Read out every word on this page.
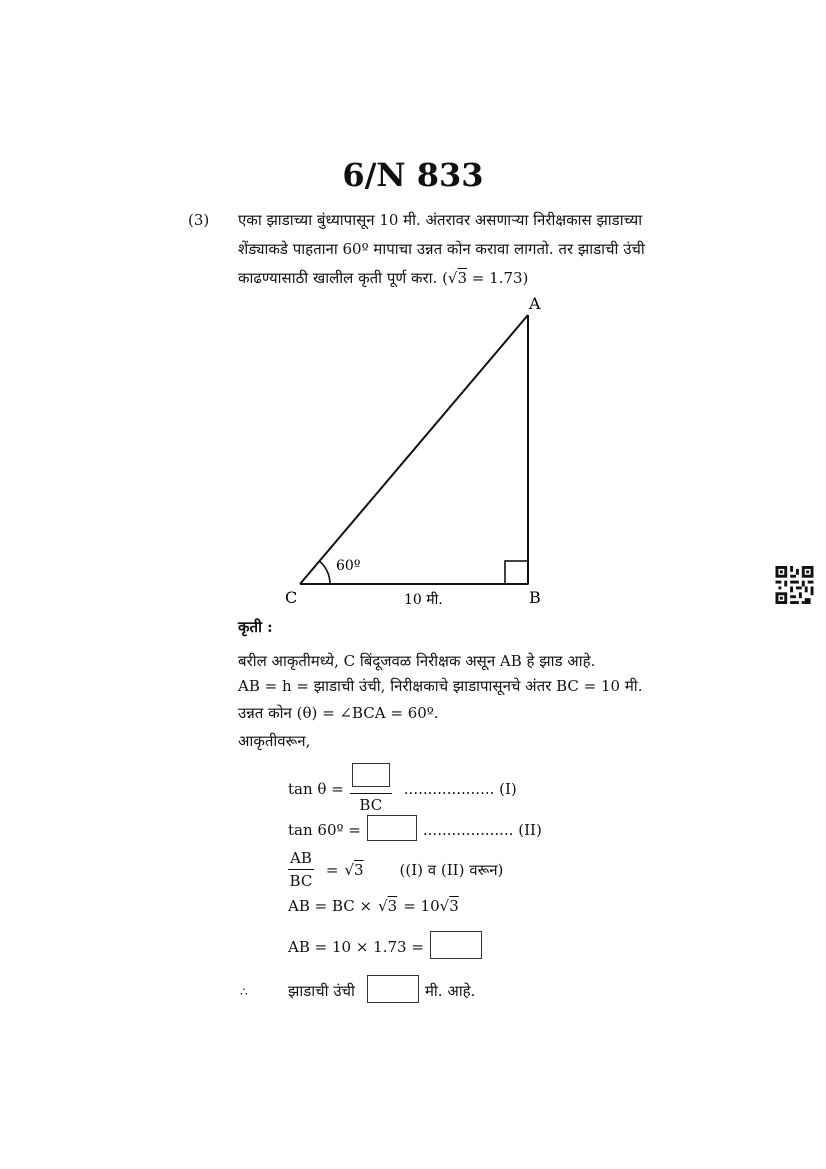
6/N 833
(3) एका झाडाच्या बुंध्यापासून 10 मी. अंतरावर असणाऱ्या निरीक्षकास झाडाच्या
शेंड्याकडे पाहताना 60º मापाचा उन्नत कोन करावा लागतो. तर झाडाची उंची
काढण्यासाठी खालील कृती पूर्ण करा. (√3 = 1.73)
A
B
C
60º
10 मी.
कृती :
बरील आकृतीमध्ये, C बिंदूजवळ निरीक्षक असून AB हे झाड आहे.
AB = h = झाडाची उंची, निरीक्षकाचे झाडापासूनचे अंतर BC = 10 मी.
उन्नत कोन (θ) = ∠BCA = 60º.
आकृतीवरून,
tan θ =
BC
................... (I)
tan 60º =	................... (II)
$\frac{AB}{BC} = √3$ ((I) व (II) वरून)
AB = BC × √3 = 10 √3
AB = 10 × 1.73 =
∴	झाडाची उंची	मी. आहे.
